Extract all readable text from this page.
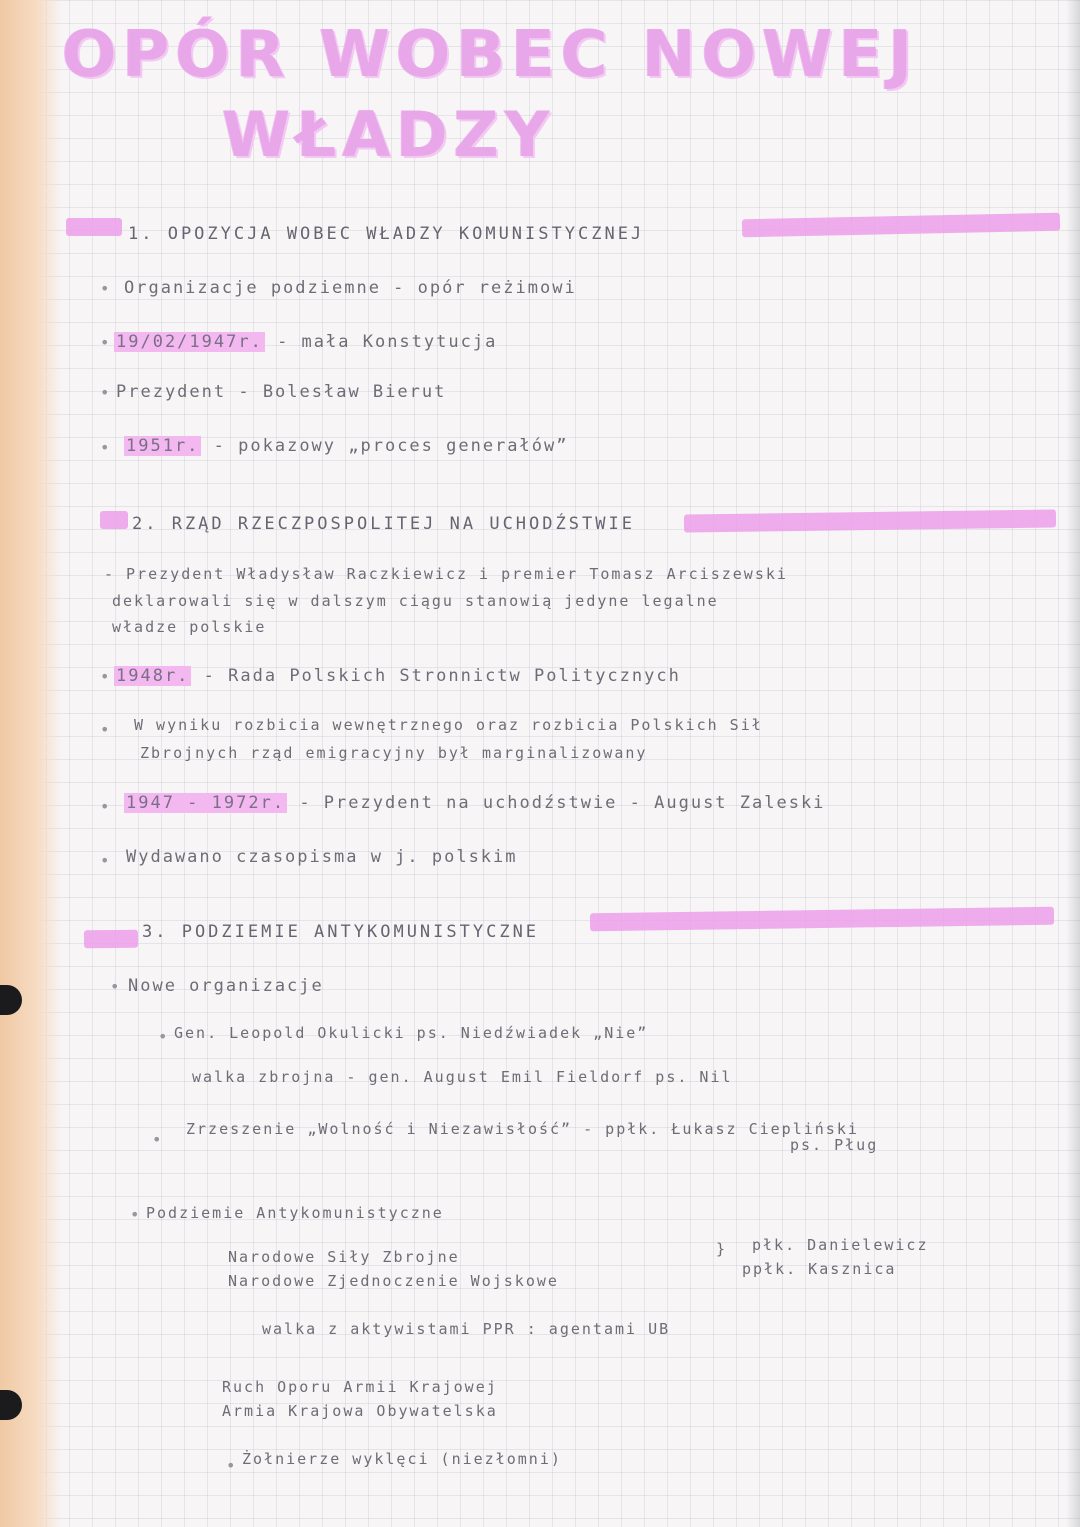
OPÓR WOBEC NOWEJ
WŁADZY
1. OPOZYCJA WOBEC WŁADZY KOMUNISTYCZNEJ
• Organizacje podziemne - opór reżimowi
• 19/02/1947r. - mała Konstytucja
• Prezydent - Bolesław Bierut
• 1951r. - pokazowy „proces generałów”
2. RZĄD RZECZPOSPOLITEJ NA UCHODŹSTWIE
- Prezydent Władysław Raczkiewicz i premier Tomasz Arciszewski
deklarowali się w dalszym ciągu stanowią jedyne legalne
władze polskie
• 1948r. - Rada Polskich Stronnictw Politycznych
• W wyniku rozbicia wewnętrznego oraz rozbicia Polskich Sił
Zbrojnych rząd emigracyjny był marginalizowany
• 1947 - 1972r. - Prezydent na uchodźstwie - August Zaleski
• Wydawano czasopisma w j. polskim
3. PODZIEMIE ANTYKOMUNISTYCZNE
• Nowe organizacje
• Gen. Leopold Okulicki ps. Niedźwiadek „Nie”
walka zbrojna - gen. August Emil Fieldorf ps. Nil
•
Zrzeszenie „Wolność i Niezawisłość” - ppłk. Łukasz Ciepliński
ps. Pług
• Podziemie Antykomunistyczne
Narodowe Siły Zbrojne
Narodowe Zjednoczenie Wojskowe
} płk. Danielewicz
ppłk. Kasznica
walka z aktywistami PPR : agentami UB
Ruch Oporu Armii Krajowej
Armia Krajowa Obywatelska
• Żołnierze wyklęci (niezłomni)
